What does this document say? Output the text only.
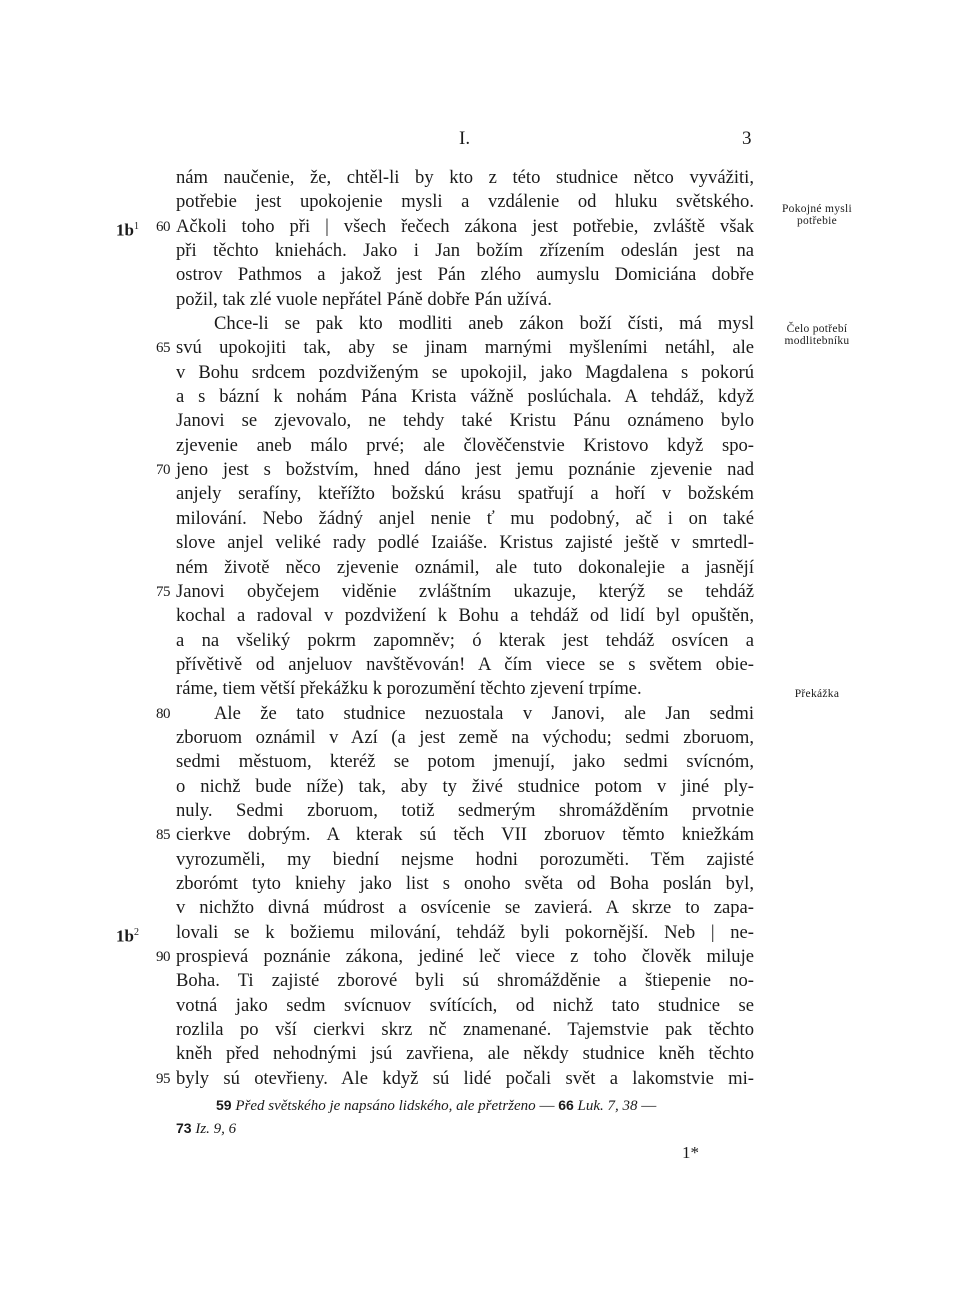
I.	3
nám naučenie, že, chtěl-li by kto z této studnice nětco vyvážiti,
potřebie jest upokojenie mysli a vzdálenie od hluku světského.
60
$1b^1$ Ačkoli toho při | všech řečech zákona jest potřebie, zvláště však
při těchto kniehách. Jako i Jan božím zřízením odeslán jest na
ostrov Pathmos a jakož jest Pán zlého aumyslu Domiciána dobře
požil, tak zlé vuole nepřátel Páně dobře Pán užívá.
Chce-li se pak kto modliti aneb zákon boží čísti, má mysl
65 svú upokojiti tak, aby se jinam marnými myšleními netáhl, ale
v Bohu srdcem pozdviženým se upokojil, jako Magdalena s pokorú
a s bázní k nohám Pána Krista vážně poslúchala. A tehdáž, když
Janovi se zjevovalo, ne tehdy také Kristu Pánu oznámeno bylo
zjevenie aneb málo prvé; ale člověčenstvie Kristovo když spo-
70 jeno jest s božstvím, hned dáno jest jemu poznánie zjevenie nad
anjely serafíny, kteřížto božskú krásu spatřují a hoří v božském
milování. Nebo žádný anjel nenie ť mu podobný, ač i on také
slove anjel veliké rady podlé Izaiáše. Kristus zajisté ještě v smrtedl-
ném životě něco zjevenie oznámil, ale tuto dokonalejie a jasnějí
75 Janovi obyčejem viděnie zvláštním ukazuje, kterýž se tehdáž
kochal a radoval v pozdvižení k Bohu a tehdáž od lidí byl opuštěn,
a na všeliký pokrm zapomněv; ó kterak jest tehdáž osvícen a
přívětivě od anjeluov navštěvován! A čím viece se s světem obie-
ráme, tiem větší překážku k porozumění těchto zjevení trpíme.
80	Ale že tato studnice nezuostala v Janovi, ale Jan sedmi
zboruom oznámil v Azí (a jest země na východu; sedmi zboruom,
sedmi městuom, kteréž se potom jmenují, jako sedmi svícnóm,
o nichž bude níže) tak, aby ty živé studnice potom v jiné ply-
nuly. Sedmi zboruom, totiž sedmerým shromážděním prvotnie
85 cierkve dobrým. A kterak sú těch VII zboruov těmto kniežkám
vyrozuměli, my biední nejsme hodni porozuměti. Těm zajisté
zborómt tyto kniehy jako list s onoho světa od Boha poslán byl,
v nichžto divná múdrost a osvícenie se zavierá. A skrze to zapa-
$1b^2$ lovali se k božiemu milování, tehdáž byli pokornější. Neb | ne-
90 prospievá poznánie zákona, jediné leč viece z toho člověk miluje
Boha. Ti zajisté zborové byli sú shromážděnie a štiepenie no-
votná jako sedm svícnuov svítících, od nichž tato studnice se
rozlila po vší cierkvi skrz nč znamenané. Tajemstvie pak těchto
kněh před nehodnými jsú zavřiena, ale někdy studnice kněh těchto
95 byly sú otevřieny. Ale když sú lidé počali svět a lakomstvie mi-
Pokojné mysli potřebie
Čelo potřebí modlitebníku
Překážka
59 Před světského je napsáno lidského, ale přetrženo — 66 Luk. 7, 38 —
73 Iz. 9, 6
1*
